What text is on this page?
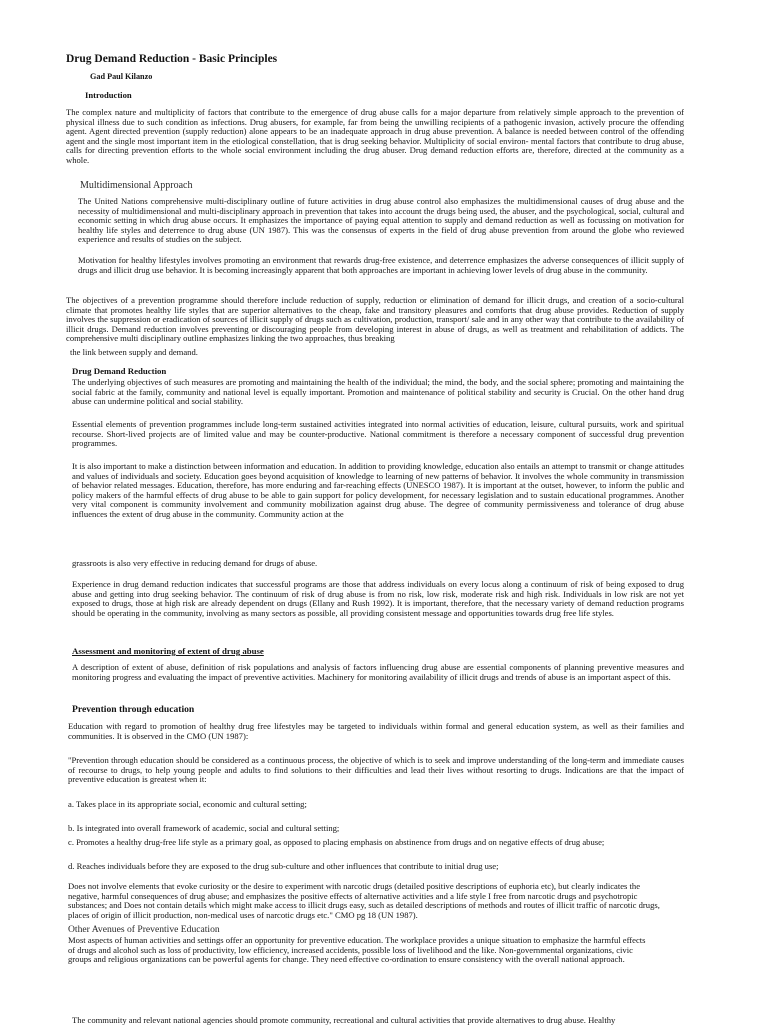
Drug Demand Reduction - Basic Principles

Gad Paul Kilanzo

Introduction

The complex nature and multiplicity of factors that contribute to the emergence of drug abuse calls for a major departure from relatively simple approach to the prevention of physical illness due to such condition as infections. Drug abusers, for example, far from being the unwilling recipients of a pathogenic invasion, actively procure the offending agent. Agent directed prevention (supply reduction) alone appears to be an inadequate approach in drug abuse prevention. A balance is needed between control of the offending agent and the single most important item in the etiological constellation, that is drug seeking behavior. Multiplicity of social environ- mental factors that contribute to drug abuse, calls for directing prevention efforts to the whole social environment including the drug abuser. Drug demand reduction efforts are, therefore, directed at the community as a whole.

Multidimensional Approach

The United Nations comprehensive multi-disciplinary outline of future activities in drug abuse control also emphasizes the multidimensional causes of drug abuse and the necessity of multidimensional and multi-disciplinary approach in prevention that takes into account the drugs being used, the abuser, and the psychological, social, cultural and economic setting in which drug abuse occurs. It emphasizes the importance of paying equal attention to supply and demand reduction as well as focussing on motivation for healthy life styles and deterrence to drug abuse (UN 1987). This was the consensus of experts in the field of drug abuse prevention from around the globe who reviewed experience and results of studies on the subject.

Motivation for healthy lifestyles involves promoting an environment that rewards drug-free existence, and deterrence emphasizes the adverse consequences of illicit supply of drugs and illicit drug use behavior. It is becoming increasingly apparent that both approaches are important in achieving lower levels of drug abuse in the community.

The objectives of a prevention programme should therefore include reduction of supply, reduction or elimination of demand for illicit drugs, and creation of a socio-cultural climate that promotes healthy life styles that are superior alternatives to the cheap, fake and transitory pleasures and comforts that drug abuse provides. Reduction of supply involves the suppression or eradication of sources of illicit supply of drugs such as cultivation, production, transport/ sale and in any other way that contribute to the availability of illicit drugs. Demand reduction involves preventing or discouraging people from developing interest in abuse of drugs, as well as treatment and rehabilitation of addicts. The comprehensive multi disciplinary outline emphasizes linking the two approaches, thus breaking

the link between supply and demand.

Drug Demand Reduction

The underlying objectives of such measures are promoting and maintaining the health of the individual; the mind, the body, and the social sphere; promoting and maintaining the social fabric at the family, community and national level is equally important. Promotion and maintenance of political stability and security is Crucial. On the other hand drug abuse can undermine political and social stability.

Essential elements of prevention programmes include long-term sustained activities integrated into normal activities of education, leisure, cultural pursuits, work and spiritual recourse. Short-lived projects are of limited value and may be counter-productive. National commitment is therefore a necessary component of successful drug prevention programmes.

It is also important to make a distinction between information and education. In addition to providing knowledge, education also entails an attempt to transmit or change attitudes and values of individuals and society. Education goes beyond acquisition of knowledge to learning of new patterns of behavior. It involves the whole community in transmission of behavior related messages. Education, therefore, has more enduring and far-reaching effects (UNESCO 1987). It is important at the outset, however, to inform the public and policy makers of the harmful effects of drug abuse to be able to gain support for policy development, for necessary legislation and to sustain educational programmes. Another very vital component is community involvement and community mobilization against drug abuse. The degree of community permissiveness and tolerance of drug abuse influences the extent of drug abuse in the community. Community action at the

grassroots is also very effective in reducing demand for drugs of abuse.

Experience in drug demand reduction indicates that successful programs are those that address individuals on every locus along a continuum of risk of being exposed to drug abuse and getting into drug seeking behavior. The continuum of risk of drug abuse is from no risk, low risk, moderate risk and high risk. Individuals in low risk are not yet exposed to drugs, those at high risk are already dependent on drugs (Ellany and Rush 1992). It is important, therefore, that the necessary variety of demand reduction programs should be operating in the community, involving as many sectors as possible, all providing consistent message and opportunities towards drug free life styles.

Assessment and monitoring of extent of drug abuse

A description of extent of abuse, definition of risk populations and analysis of factors influencing drug abuse are essential components of planning preventive measures and monitoring progress and evaluating the impact of preventive activities. Machinery for monitoring availability of illicit drugs and trends of abuse is an important aspect of this.

Prevention through education

Education with regard to promotion of healthy drug free lifestyles may be targeted to individuals within formal and general education system, as well as their families and communities. It is observed in the CMO (UN 1987):

"Prevention through education should be considered as a continuous process, the objective of which is to seek and improve understanding of the long-term and immediate causes of recourse to drugs, to help young people and adults to find solutions to their difficulties and lead their lives without resorting to drugs. Indications are that the impact of preventive education is greatest when it:

a. Takes place in its appropriate social, economic and cultural setting;

b. Is integrated into overall framework of academic, social and cultural setting;

c. Promotes a healthy drug-free life style as a primary goal, as opposed to placing emphasis on abstinence from drugs and on negative effects of drug abuse;

d. Reaches individuals before they are exposed to the drug sub-culture and other influences that contribute to initial drug use;

Does not involve elements that evoke curiosity or the desire to experiment with narcotic drugs (detailed positive descriptions of euphoria etc), but clearly indicates the negative, harmful consequences of drug abuse; and emphasizes the positive effects of alternative activities and a life style I free from narcotic drugs and psychotropic substances; and Does not contain details which might make access to illicit drugs easy, such as detailed descriptions of methods and routes of illicit traffic of narcotic drugs, places of origin of illicit production, non-medical uses of narcotic drugs etc." CMO pg 18 (UN 1987).

Other Avenues of Preventive Education

Most aspects of human activities and settings offer an opportunity for preventive education. The workplace provides a unique situation to emphasize the harmful effects of drugs and alcohol such as loss of productivity, low efficiency, increased accidents, possible loss of livelihood and the like. Non-governmental organizations, civic groups and religious organizations can be powerful agents for change. They need effective co-ordination to ensure consistency with the overall national approach.

The community and relevant national agencies should promote community, recreational and cultural activities that provide alternatives to drug abuse. Healthy
